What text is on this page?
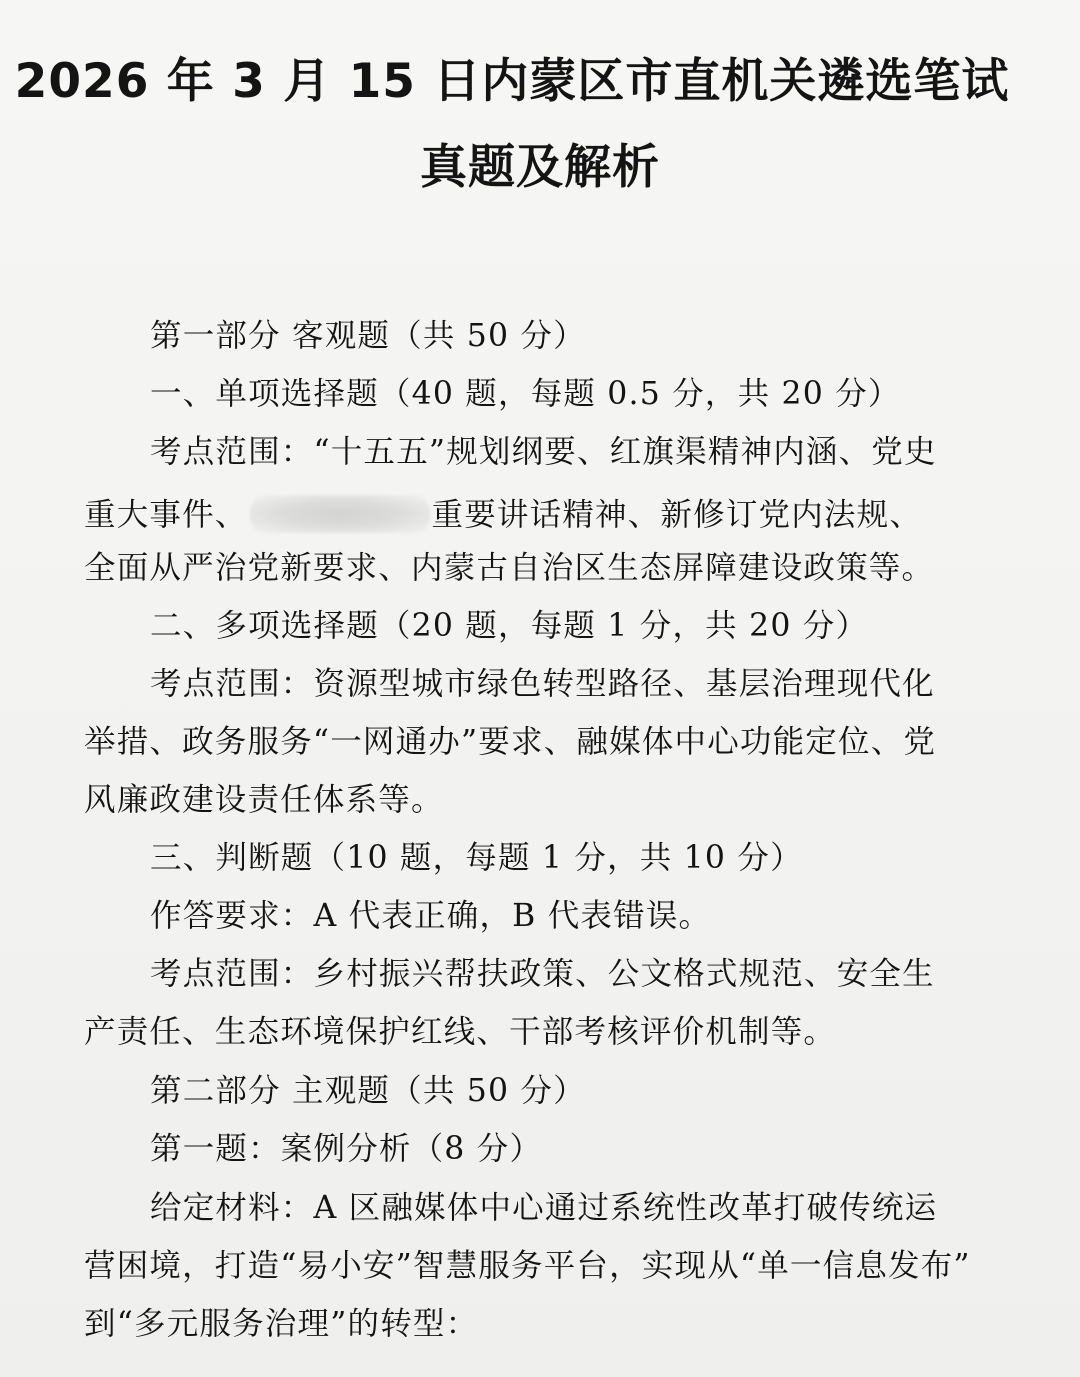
2026 年 3 月 15 日内蒙区市直机关遴选笔试
真题及解析
第一部分 客观题（共 50 分）
一、单项选择题（40 题，每题 0.5 分，共 20 分）
考点范围：“十五五”规划纲要、红旗渠精神内涵、党史
重大事件、	重要讲话精神、新修订党内法规、
全面从严治党新要求、内蒙古自治区生态屏障建设政策等。
二、多项选择题（20 题，每题 1 分，共 20 分）
考点范围：资源型城市绿色转型路径、基层治理现代化
举措、政务服务“一网通办”要求、融媒体中心功能定位、党
风廉政建设责任体系等。
三、判断题（10 题，每题 1 分，共 10 分）
作答要求：A 代表正确，B 代表错误。
考点范围：乡村振兴帮扶政策、公文格式规范、安全生
产责任、生态环境保护红线、干部考核评价机制等。
第二部分 主观题（共 50 分）
第一题：案例分析（8 分）
给定材料：A 区融媒体中心通过系统性改革打破传统运
营困境，打造“易小安”智慧服务平台，实现从“单一信息发布”
到“多元服务治理”的转型：
